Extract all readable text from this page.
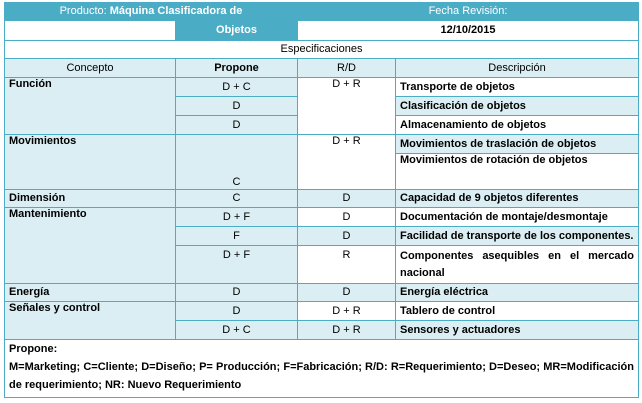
Producto: Máquina Clasificadora de		Fecha Revisión:	
	Objetos	12/10/2015	
Especificaciones			
Concepto	Propone	R/D	Descripción
Función	D + C	D + R	Transporte de objetos
	D		Clasificación de objetos
	D		Almacenamiento de objetos
Movimientos	C	D + R	Movimientos de traslación de objetos
			Movimientos de rotación de objetos
Dimensión	C	D	Capacidad de 9 objetos diferentes
Mantenimiento	D + F	D	Documentación de montaje/desmontaje
	F	D	Facilidad de transporte de los componentes.
	D + F	R	Componentes asequibles en el mercado nacional
Energía	D	D	Energía eléctrica
Señales y control	D	D + R	Tablero de control
	D + C	D + R	Sensores y actuadores

Propone:
M=Marketing; C=Cliente; D=Diseño; P= Producción; F=Fabricación; R/D: R=Requerimiento; D=Deseo; MR=Modificación de requerimiento; NR: Nuevo Requerimiento			
